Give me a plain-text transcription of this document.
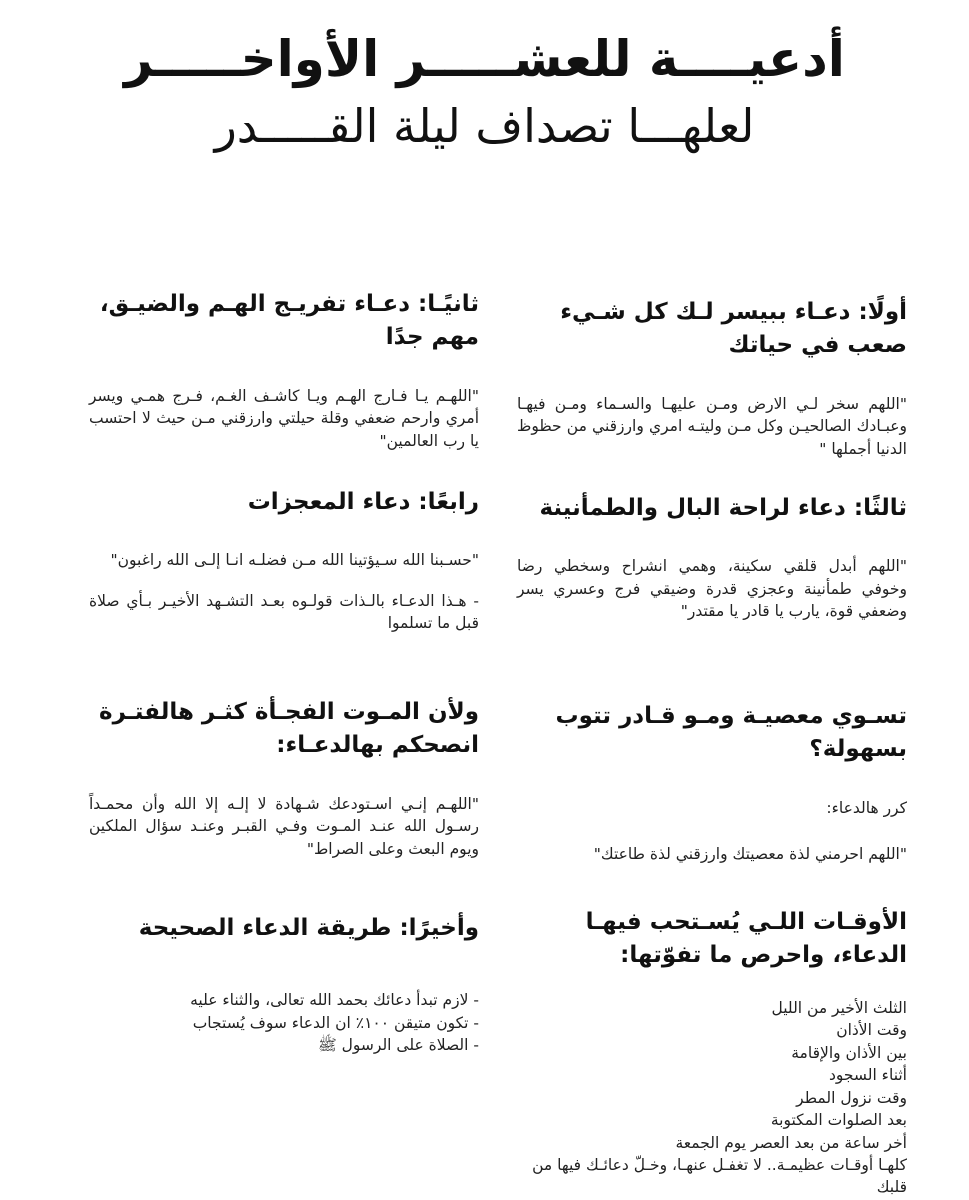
أدعيــــة للعشـــــر الأواخـــــر
لعلهـــا تصداف ليلة القـــــدر
أولًا: دعـاء ببيسر لـك كل شـيء صعب في حياتك

"اللهم سخر لـي الارض ومـن عليهـا والسـماء ومـن فيهـا وعبـادك الصالحيـن وكل مـن وليتـه امري وارزقني من حظوظ الدنيا أجملها "

ثانيًـا: دعـاء تفريـج الهـم والضيـق، مهم جدًا

"اللهـم يـا فـارج الهـم ويـا كاشـف الغـم، فـرج همـي ويسر أمري وارحم ضعفي وقلة حيلتي وارزقني مـن حيث لا احتسب يا رب العالمين"

ثالثًا: دعاء لراحة البال والطمأنينة

"اللهم أبدل قلقي سكينة، وهمي انشراح وسخطي رضا وخوفي طمأنينة وعجزي قدرة وضيقي فرج وعسري يسر وضعفي قوة، يارب يا قادر يا مقتدر"

رابعًا: دعاء المعجزات

"حسـبنا الله سـيؤتينا الله مـن فضلـه انـا إلـى الله راغبون"

- هـذا الدعـاء بالـذات قولـوه بعـد التشـهد الأخيـر بـأي صلاة قبل ما تسلموا

تسـوي معصيـة ومـو قـادر تتوب بسهولة؟

كرر هالدعاء:

"اللهم احرمني لذة معصيتك وارزقني لذة طاعتك"

ولأن المـوت الفجـأة كثـر هالفتـرة انصحكم بهالدعـاء:

"اللهـم إنـي اسـتودعك شـهادة لا إلـه إلا الله وأن محمـداً رسـول الله عنـد المـوت وفـي القبـر وعنـد سؤال الملكين ويوم البعث وعلى الصراط"

الأوقـات اللـي يُسـتحب فيهـا الدعاء، واحرص ما تفوّتها:
الثلث الأخير من الليل
وقت الأذان
بين الأذان والإقامة
أثناء السجود
وقت نزول المطر
بعد الصلوات المكتوبة
أخر ساعة من بعد العصر يوم الجمعة
كلهـا أوقـات عظيمـة.. لا تغفـل عنهـا، وخـلّ دعائـك فيها من قلبك
وأخيرًا: طريقة الدعاء الصحيحة
- لازم تبدأ دعائك بحمد الله تعالى، والثناء عليه
- تكون متيقن ١٠٠٪ ان الدعاء سوف يُستجاب
- الصلاة على الرسول ﷺ
